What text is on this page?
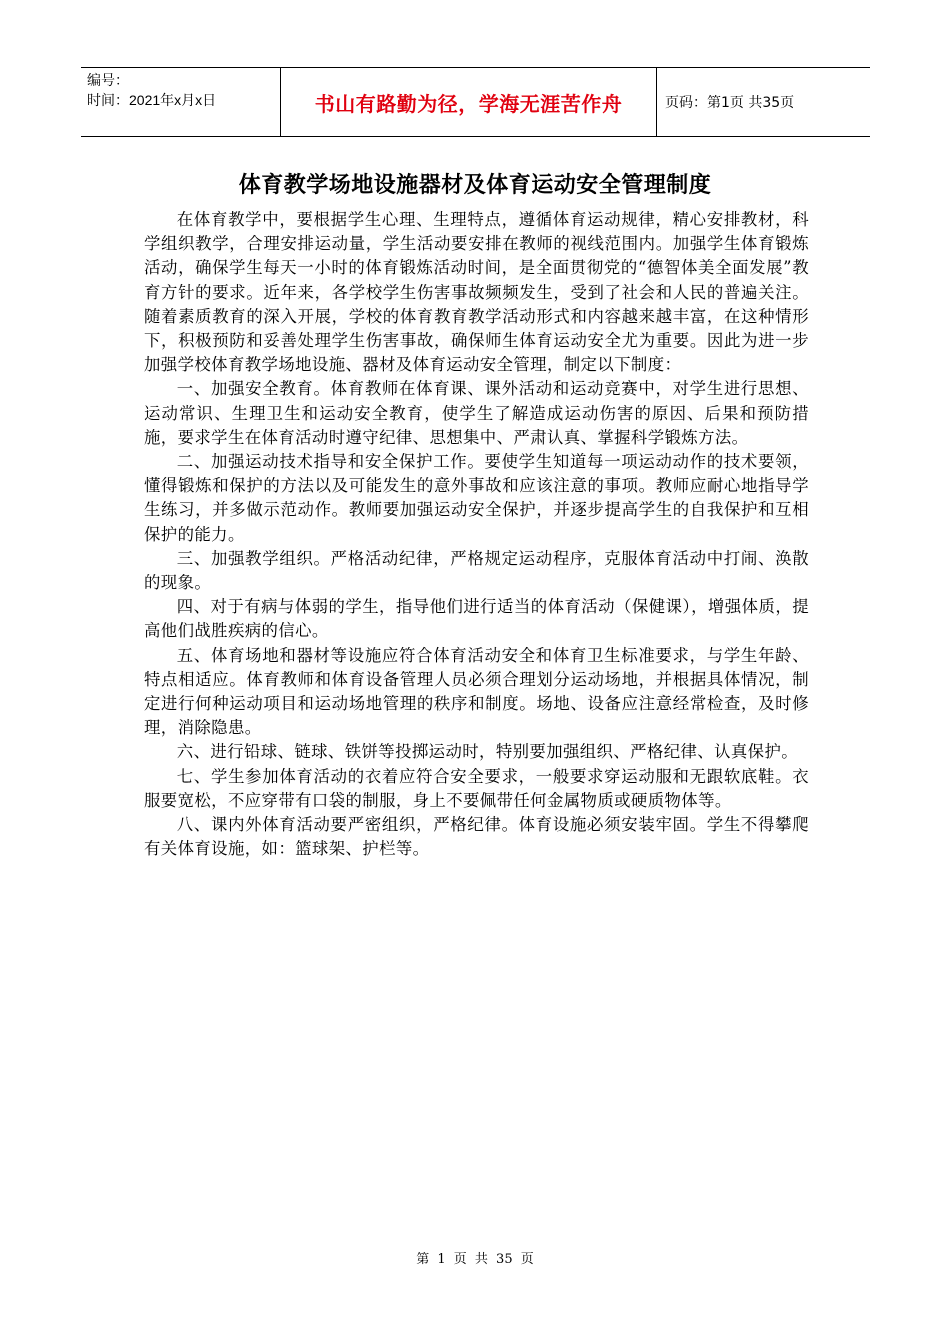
编号：
时间：2021年x月x日	书山有路勤为径，学海无涯苦作舟	页码：第1页 共35页
体育教学场地设施器材及体育运动安全管理制度

在体育教学中，要根据学生心理、生理特点，遵循体育运动规律，精心安排教材，科学组织教学，合理安排运动量，学生活动要安排在教师的视线范围内。加强学生体育锻炼活动，确保学生每天一小时的体育锻炼活动时间，是全面贯彻党的“德智体美全面发展”教育方针的要求。近年来，各学校学生伤害事故频频发生，受到了社会和人民的普遍关注。随着素质教育的深入开展，学校的体育教育教学活动形式和内容越来越丰富，在这种情形下，积极预防和妥善处理学生伤害事故，确保师生体育运动安全尤为重要。因此为进一步加强学校体育教学场地设施、器材及体育运动安全管理，制定以下制度：

一、加强安全教育。体育教师在体育课、课外活动和运动竞赛中，对学生进行思想、运动常识、生理卫生和运动安全教育，使学生了解造成运动伤害的原因、后果和预防措施，要求学生在体育活动时遵守纪律、思想集中、严肃认真、掌握科学锻炼方法。

二、加强运动技术指导和安全保护工作。要使学生知道每一项运动动作的技术要领，懂得锻炼和保护的方法以及可能发生的意外事故和应该注意的事项。教师应耐心地指导学生练习，并多做示范动作。教师要加强运动安全保护，并逐步提高学生的自我保护和互相保护的能力。

三、加强教学组织。严格活动纪律，严格规定运动程序，克服体育活动中打闹、涣散的现象。

四、对于有病与体弱的学生，指导他们进行适当的体育活动（保健课），增强体质，提高他们战胜疾病的信心。

五、体育场地和器材等设施应符合体育活动安全和体育卫生标准要求，与学生年龄、特点相适应。体育教师和体育设备管理人员必须合理划分运动场地，并根据具体情况，制定进行何种运动项目和运动场地管理的秩序和制度。场地、设备应注意经常检查，及时修理，消除隐患。

六、进行铅球、链球、铁饼等投掷运动时，特别要加强组织、严格纪律、认真保护。

七、学生参加体育活动的衣着应符合安全要求，一般要求穿运动服和无跟软底鞋。衣服要宽松，不应穿带有口袋的制服，身上不要佩带任何金属物质或硬质物体等。

八、课内外体育活动要严密组织，严格纪律。体育设施必须安装牢固。学生不得攀爬有关体育设施，如：篮球架、护栏等。

第 1 页 共 35 页
